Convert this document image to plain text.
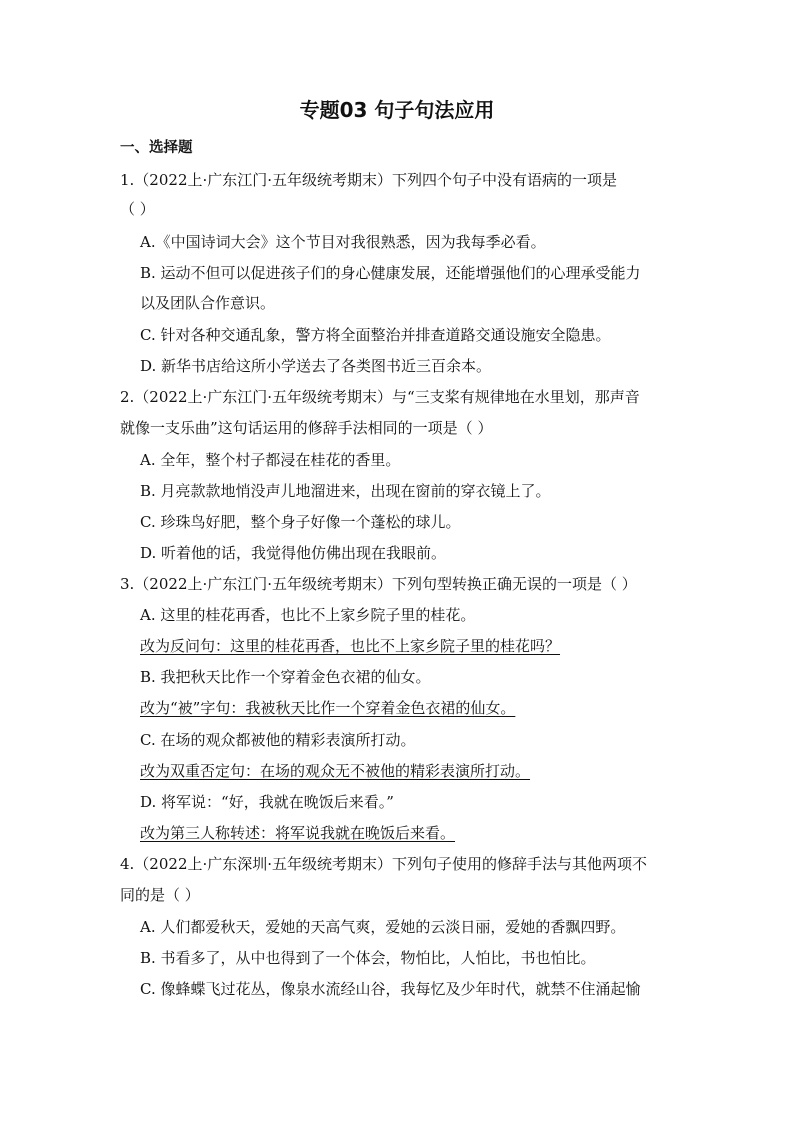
专题03 句子句法应用
一、选择题
1.（2022上·广东江门·五年级统考期末）下列四个句子中没有语病的一项是
（ ）
A.《中国诗词大会》这个节目对我很熟悉，因为我每季必看。
B. 运动不但可以促进孩子们的身心健康发展，还能增强他们的心理承受能力
以及团队合作意识。
C. 针对各种交通乱象，警方将全面整治并排查道路交通设施安全隐患。
D. 新华书店给这所小学送去了各类图书近三百余本。
2.（2022上·广东江门·五年级统考期末）与“三支桨有规律地在水里划，那声音
就像一支乐曲”这句话运用的修辞手法相同的一项是（ ）
A. 全年，整个村子都浸在桂花的香里。
B. 月亮款款地悄没声儿地溜进来，出现在窗前的穿衣镜上了。
C. 珍珠鸟好肥，整个身子好像一个蓬松的球儿。
D. 听着他的话，我觉得他仿佛出现在我眼前。
3.（2022上·广东江门·五年级统考期末）下列句型转换正确无误的一项是（ ）
A. 这里的桂花再香，也比不上家乡院子里的桂花。
改为反问句：这里的桂花再香，也比不上家乡院子里的桂花吗？
B. 我把秋天比作一个穿着金色衣裙的仙女。
改为“被”字句：我被秋天比作一个穿着金色衣裙的仙女。
C. 在场的观众都被他的精彩表演所打动。
改为双重否定句：在场的观众无不被他的精彩表演所打动。
D. 将军说：“好，我就在晚饭后来看。”
改为第三人称转述：将军说我就在晚饭后来看。
4.（2022上·广东深圳·五年级统考期末）下列句子使用的修辞手法与其他两项不
同的是（ ）
A. 人们都爱秋天，爱她的天高气爽，爱她的云淡日丽，爱她的香飘四野。
B. 书看多了，从中也得到了一个体会，物怕比，人怕比，书也怕比。
C. 像蜂蝶飞过花丛，像泉水流经山谷，我每忆及少年时代，就禁不住涌起愉
